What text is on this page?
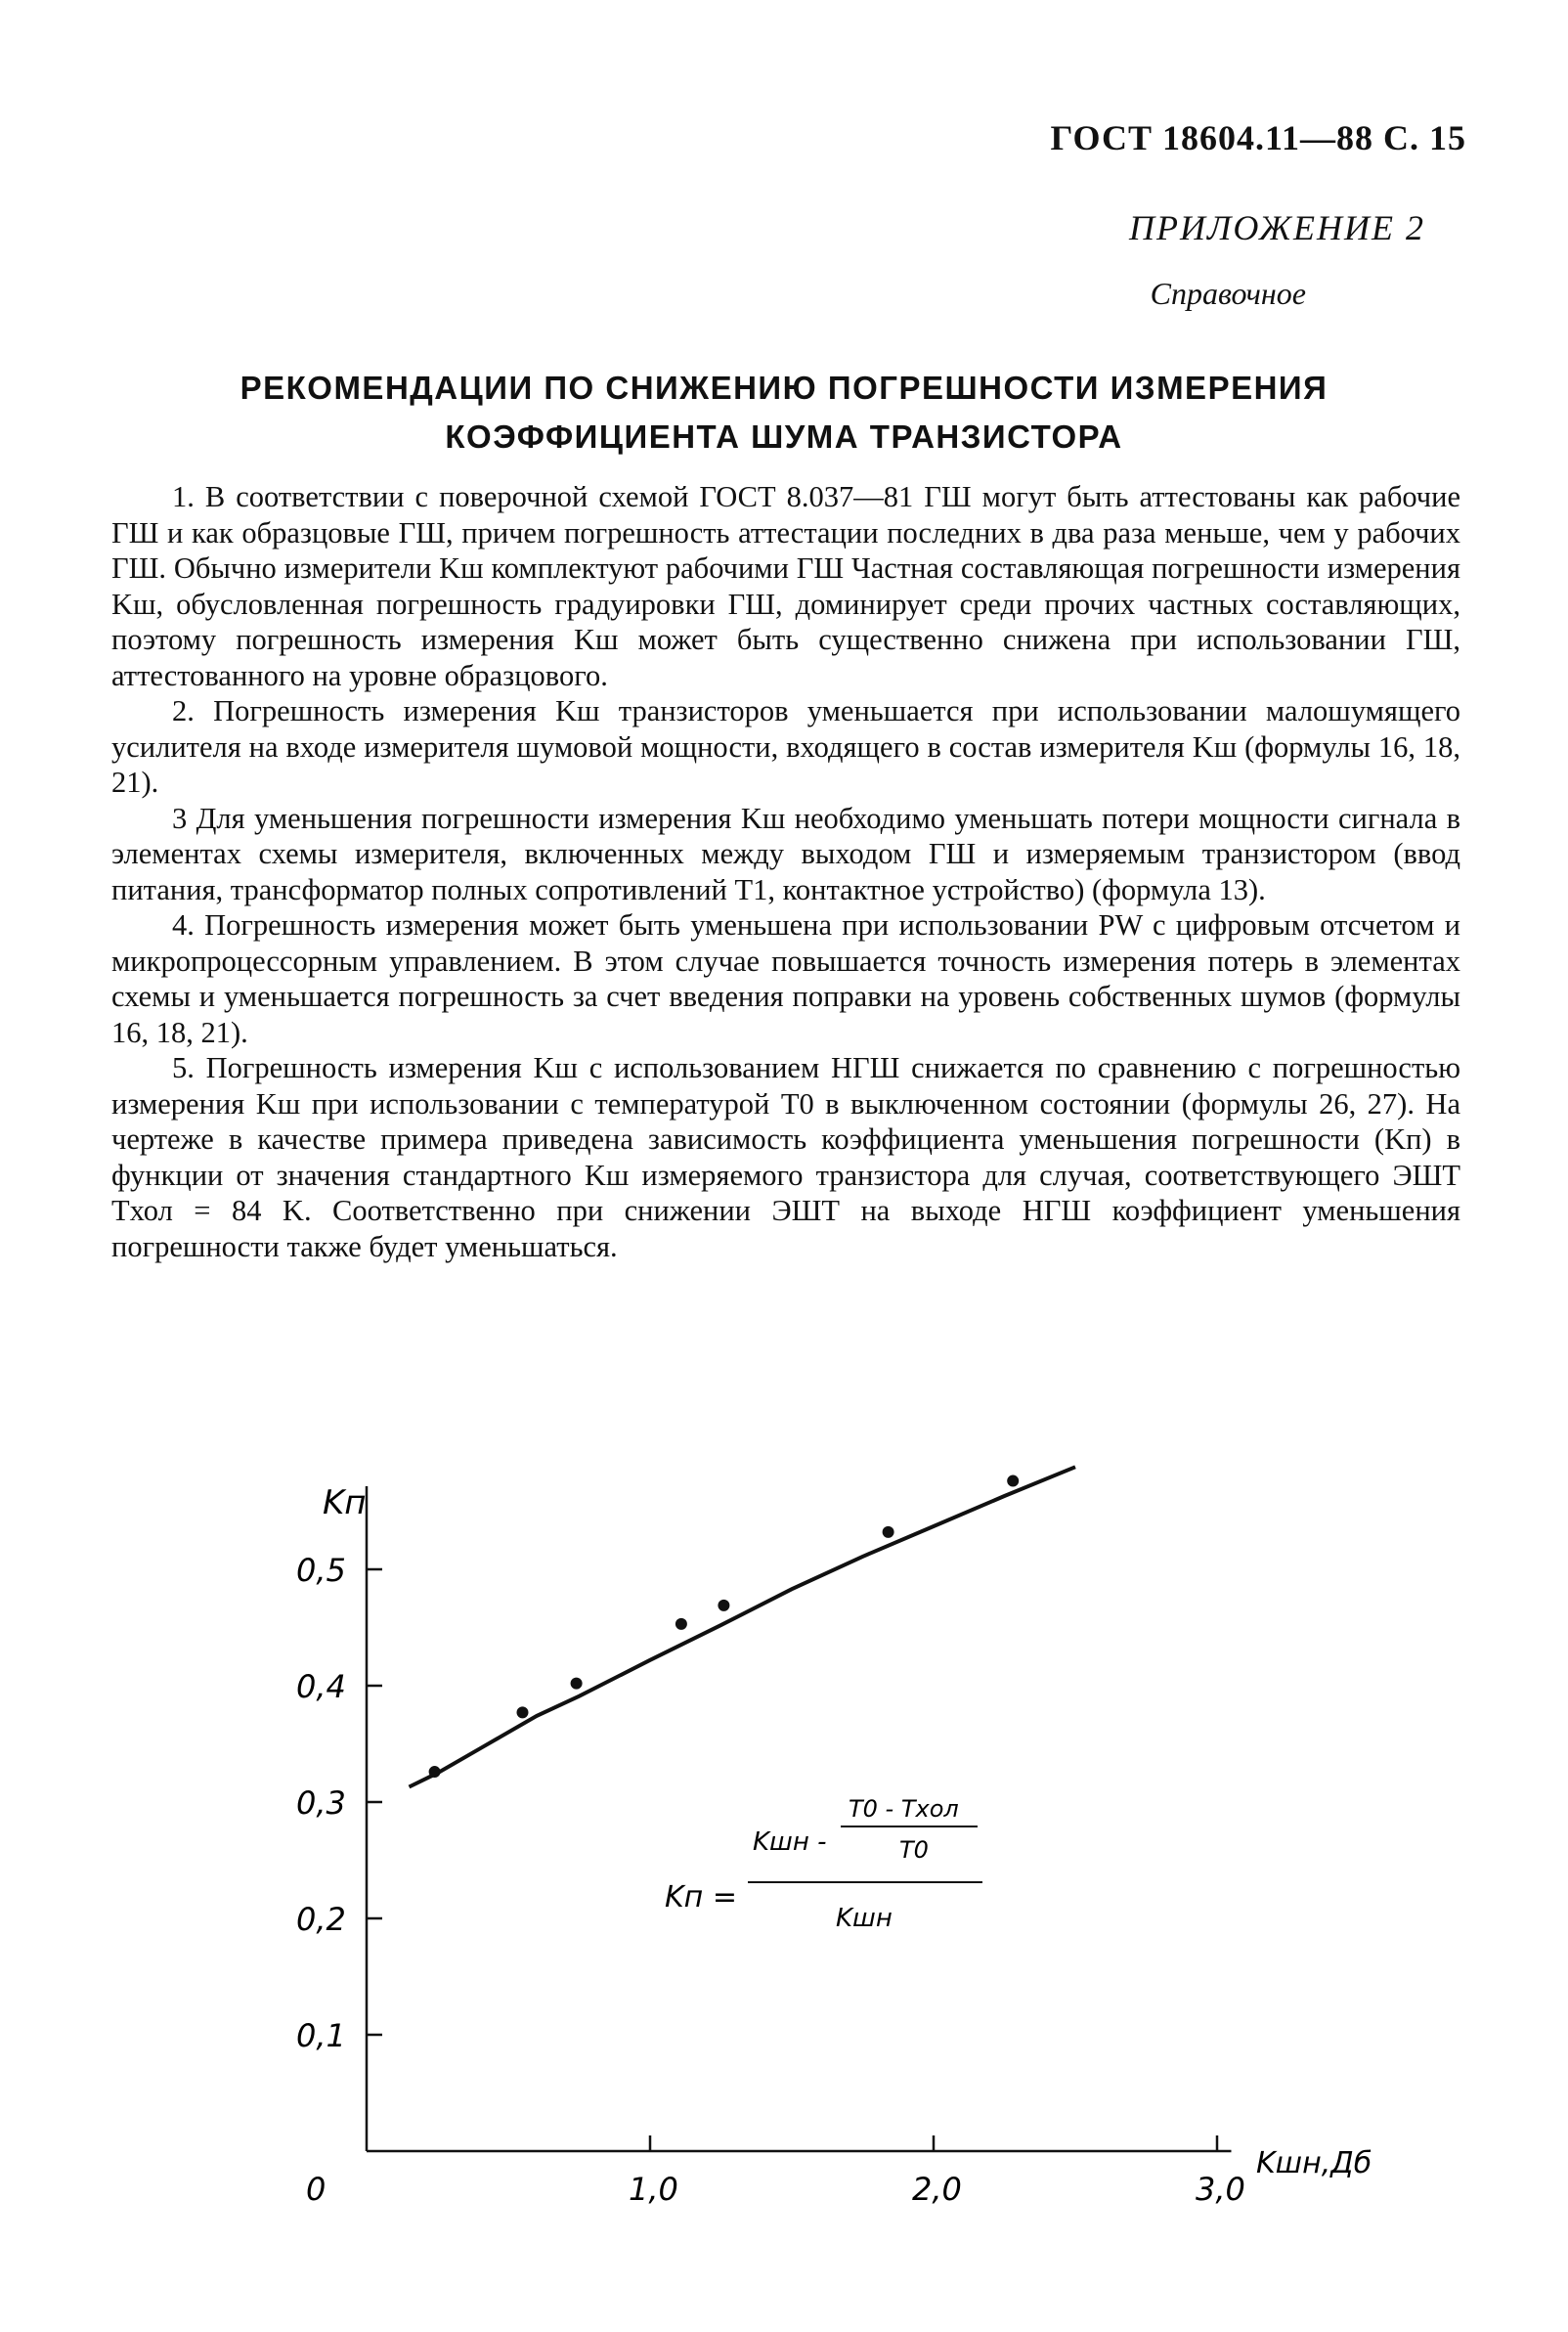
ГОСТ 18604.11—88 С. 15
ПРИЛОЖЕНИЕ 2
Справочное
РЕКОМЕНДАЦИИ ПО СНИЖЕНИЮ ПОГРЕШНОСТИ ИЗМЕРЕНИЯ
КОЭФФИЦИЕНТА ШУМА ТРАНЗИСТОРА

1. В соответствии с поверочной схемой ГОСТ 8.037—81 ГШ могут быть аттестованы как рабочие ГШ и как образцовые ГШ, причем погрешность аттестации последних в два раза меньше, чем у рабочих ГШ. Обычно измерители Kш комплектуют рабочими ГШ Частная составляющая погрешности измерения Kш, обусловленная погрешность градуировки ГШ, доминирует среди прочих частных составляющих, поэтому погрешность измерения Kш может быть существенно снижена при использовании ГШ, аттестованного на уровне образцового.

2. Погрешность измерения Kш транзисторов уменьшается при использовании малошумящего усилителя на входе измерителя шумовой мощности, входящего в состав измерителя Kш (формулы 16, 18, 21).

3 Для уменьшения погрешности измерения Kш необходимо уменьшать потери мощности сигнала в элементах схемы измерителя, включенных между выходом ГШ и измеряемым транзистором (ввод питания, трансформатор полных сопротивлений T1, контактное устройство) (формула 13).

4. Погрешность измерения может быть уменьшена при использовании PW с цифровым отсчетом и микропроцессорным управлением. В этом случае повышается точность измерения потерь в элементах схемы и уменьшается погрешность за счет введения поправки на уровень собственных шумов (формулы 16, 18, 21).

5. Погрешность измерения Kш с использованием НГШ снижается по сравнению с погрешностью измерения Kш при использовании с температурой T0 в выключенном состоянии (формулы 26, 27). На чертеже в качестве примера приведена зависимость коэффициента уменьшения погрешности (Kп) в функции от значения стандартного Kш измеряемого транзистора для случая, соответствующего ЭШТ Tхол = 84 K. Соответственно при снижении ЭШТ на выходе НГШ коэффициент уменьшения погрешности также будет уменьшаться.

0,1
0,2
0,3
0,4
0,5
0	1,0	2,0	3,0
Kп
Kшн,Дб
Kп =
Kшн -
T0 - Tхол
T0
Kшн
